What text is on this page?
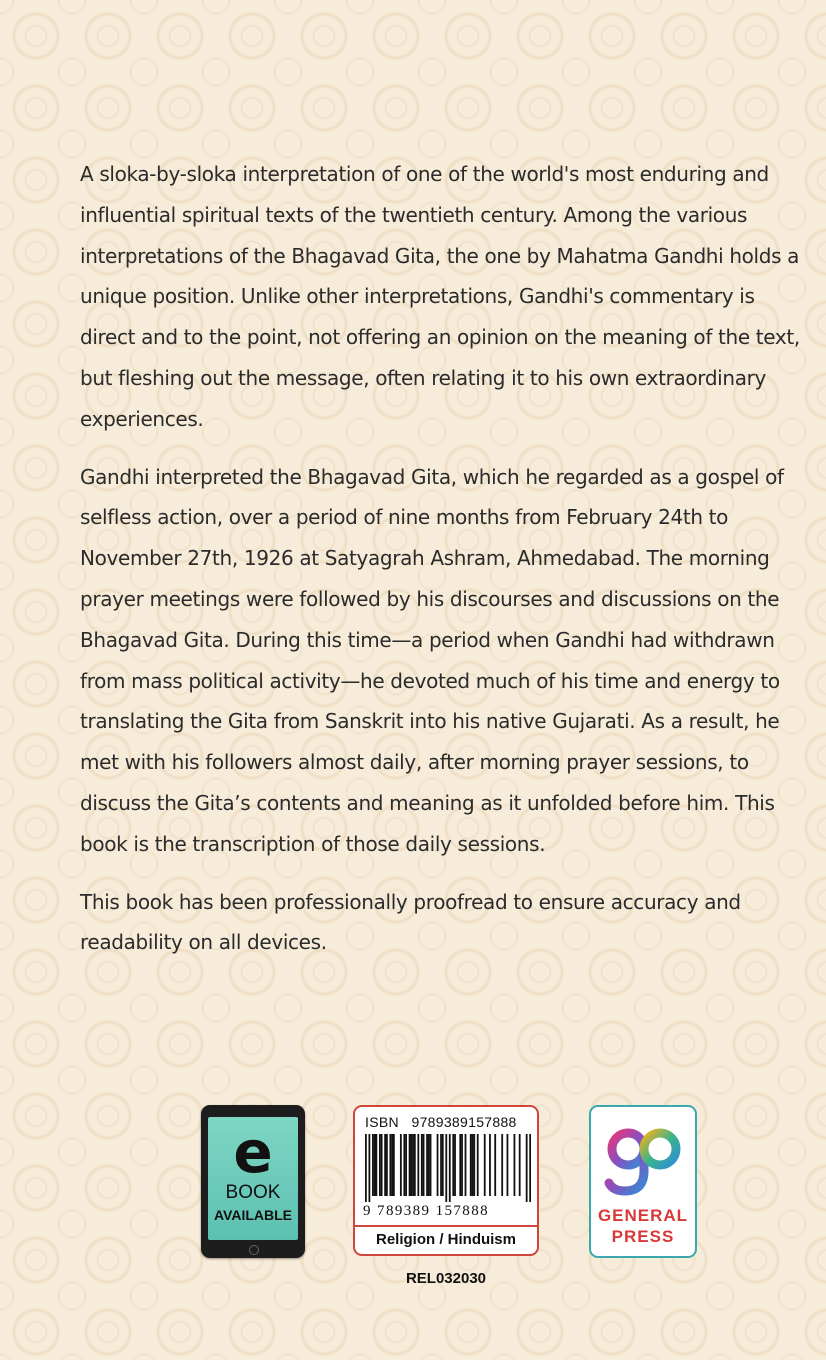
A sloka-by-sloka interpretation of one of the world's most enduring and influential spiritual texts of the twentieth century. Among the various interpretations of the Bhagavad Gita, the one by Mahatma Gandhi holds a unique position. Unlike other interpretations, Gandhi's commentary is direct and to the point, not offering an opinion on the meaning of the text, but fleshing out the message, often relating it to his own extraordinary experiences.

Gandhi interpreted the Bhagavad Gita, which he regarded as a gospel of selfless action, over a period of nine months from February 24th to November 27th, 1926 at Satyagrah Ashram, Ahmedabad. The morning prayer meetings were followed by his discourses and discussions on the Bhagavad Gita. During this time—a period when Gandhi had withdrawn from mass political activity—he devoted much of his time and energy to translating the Gita from Sanskrit into his native Gujarati. As a result, he met with his followers almost daily, after morning prayer sessions, to discuss the Gita’s contents and meaning as it unfolded before him. This book is the transcription of those daily sessions.

This book has been professionally proofread to ensure accuracy and readability on all devices.

e
BOOK
AVAILABLE
ISBN 9789389157888
9 789389 157888
Religion / Hinduism
REL032030
GENERAL
PRESS
